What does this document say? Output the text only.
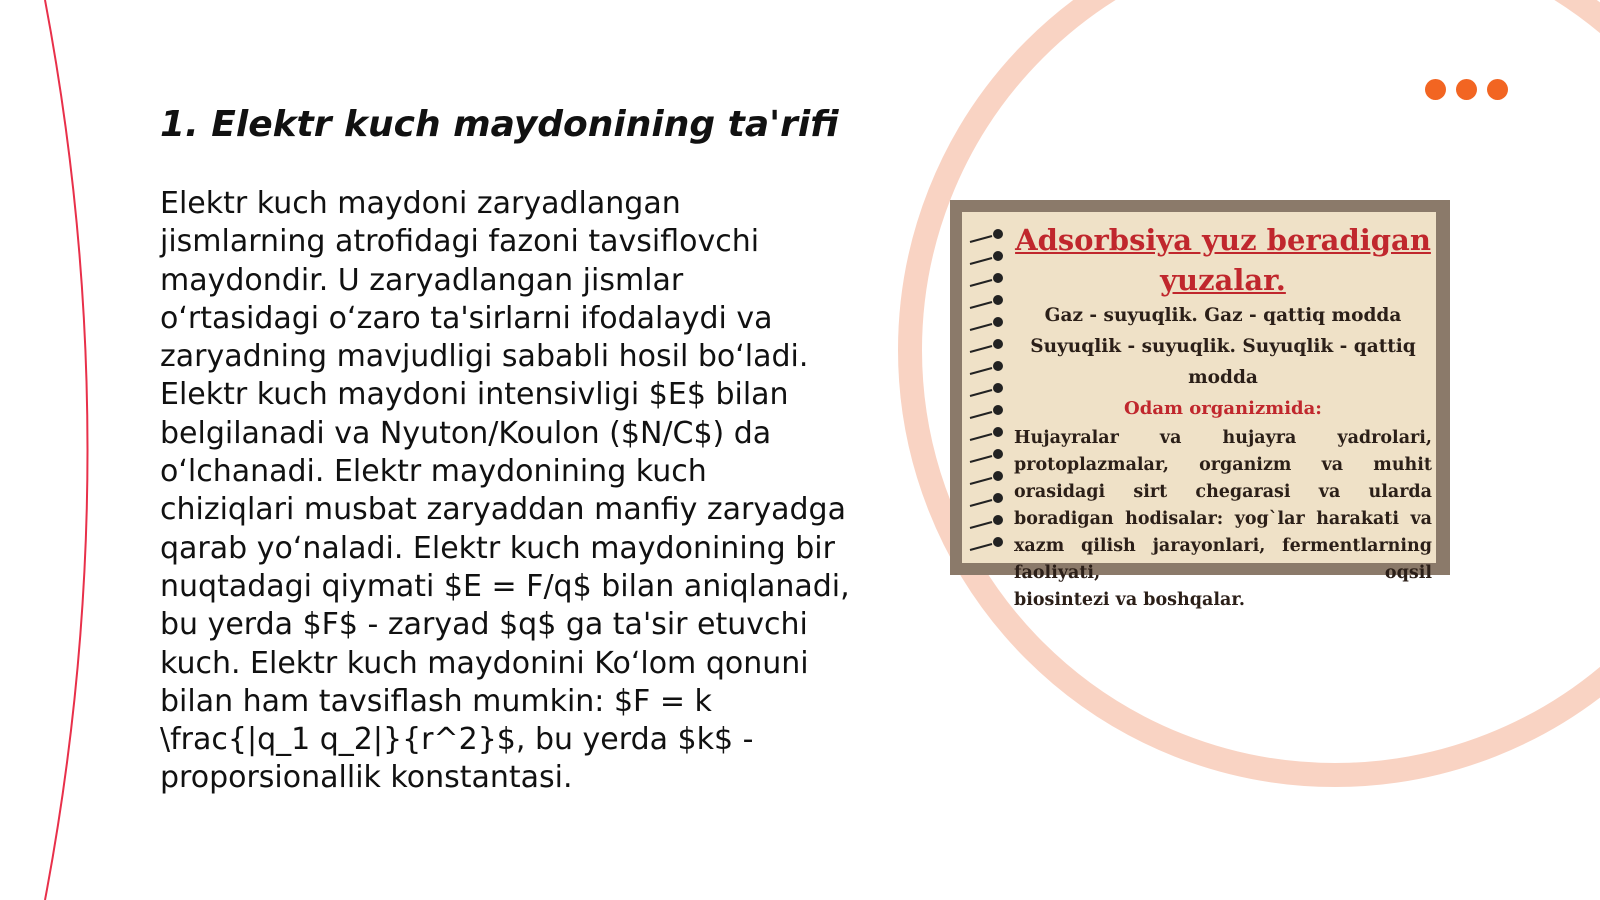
1. Elektr kuch maydonining ta'rifi

Elektr kuch maydoni zaryadlangan jismlarning atrofidagi fazoni tavsiflovchi maydondir. U zaryadlangan jismlar o‘rtasidagi o‘zaro ta'sirlarni ifodalaydi va zaryadning mavjudligi sababli hosil bo‘ladi. Elektr kuch maydoni intensivligi $E$ bilan belgilanadi va Nyuton/Koulon ($N/C$) da o‘lchanadi. Elektr maydonining kuch chiziqlari musbat zaryaddan manfiy zaryadga qarab yo‘naladi. Elektr kuch maydonining bir nuqtadagi qiymati $E = F/q$ bilan aniqlanadi, bu yerda $F$ - zaryad $q$ ga ta'sir etuvchi kuch. Elektr kuch maydonini Ko‘lom qonuni bilan ham tavsiflash mumkin: $F = k \frac{|q_1 q_2|}{r^2}$, bu yerda $k$ - proporsionallik konstantasi.

Adsorbsiya yuz beradigan yuzalar.

Gaz - suyuqlik. Gaz - qattiq modda

Suyuqlik - suyuqlik. Suyuqlik - qattiq modda

Odam organizmida:

Hujayralar va hujayra yadrolari, protoplazmalar, organizm va muhit orasidagi sirt chegarasi va ularda boradigan hodisalar: yog`lar harakati va xazm qilish jarayonlari, fermentlarning faoliyati, oqsil

biosintezi va boshqalar.
